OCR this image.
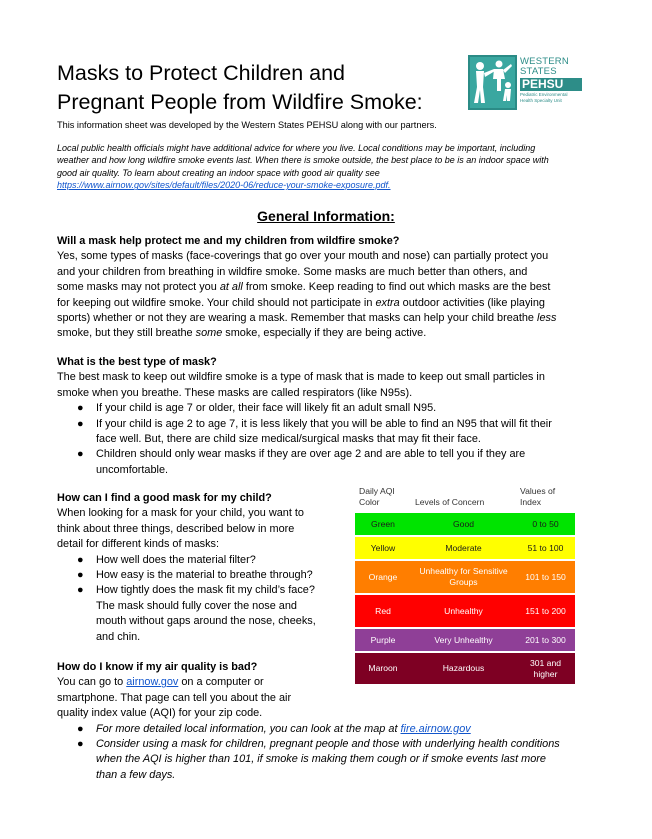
Masks to Protect Children and
Pregnant People from Wildfire Smoke:
WESTERN
STATES
PEHSU
Pediatric Environmental
Health Specialty Unit
This information sheet was developed by the Western States PEHSU along with our partners.
Local public health officials might have additional advice for where you live. Local conditions may be important, including
weather and how long wildfire smoke events last. When there is smoke outside, the best place to be is an indoor space with
good air quality. To learn about creating an indoor space with good air quality see
https://www.airnow.gov/sites/default/files/2020-06/reduce-your-smoke-exposure.pdf.
General Information:
Will a mask help protect me and my children from wildfire smoke?
Yes, some types of masks (face-coverings that go over your mouth and nose) can partially protect you
and your children from breathing in wildfire smoke. Some masks are much better than others, and
some masks may not protect you at all from smoke. Keep reading to find out which masks are the best
for keeping out wildfire smoke. Your child should not participate in extra outdoor activities (like playing
sports) whether or not they are wearing a mask. Remember that masks can help your child breathe less
smoke, but they still breathe some smoke, especially if they are being active.
What is the best type of mask?
The best mask to keep out wildfire smoke is a type of mask that is made to keep out small particles in
smoke when you breathe. These masks are called respirators (like N95s).
● If your child is age 7 or older, their face will likely fit an adult small N95.
● If your child is age 2 to age 7, it is less likely that you will be able to find an N95 that will fit their
face well. But, there are child size medical/surgical masks that may fit their face.
● Children should only wear masks if they are over age 2 and are able to tell you if they are
uncomfortable.
How can I find a good mask for my child?
When looking for a mask for your child, you want to
think about three things, described below in more
detail for different kinds of masks:
● How well does the material filter?
● How easy is the material to breathe through?
● How tightly does the mask fit my child’s face?
The mask should fully cover the nose and
mouth without gaps around the nose, cheeks,
and chin.
How do I know if my air quality is bad?
You can go to airnow.gov on a computer or
smartphone. That page can tell you about the air
quality index value (AQI) for your zip code.
● For more detailed local information, you can look at the map at fire.airnow.gov
● Consider using a mask for children, pregnant people and those with underlying health conditions
when the AQI is higher than 101, if smoke is making them cough or if smoke events last more
than a few days.
Daily AQI
Color	Levels of Concern	Values of
Index
Green	Good	0 to 50
Yellow	Moderate	51 to 100
Orange	Unhealthy for Sensitive Groups	101 to 150
Red	Unhealthy	151 to 200
Purple	Very Unhealthy	201 to 300
Maroon	Hazardous	301 and higher
